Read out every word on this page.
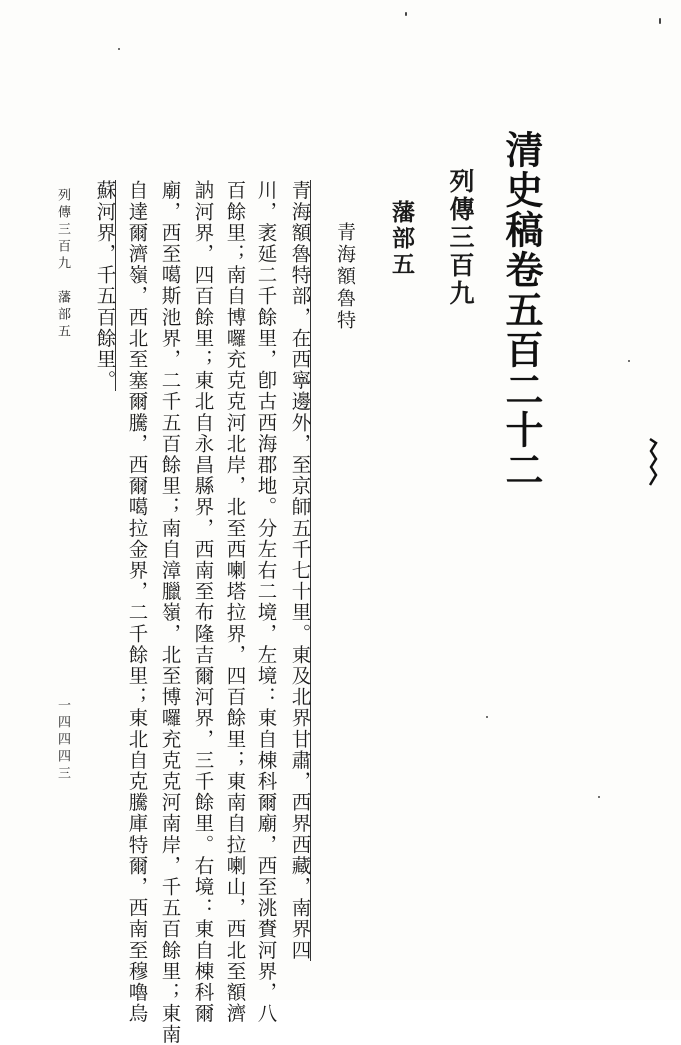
清史稿卷五百二十二
列傳三百九
藩部五
青海額魯特
青海額魯特部，在西寧邊外，至京師五千七十里。東及北界甘肅，西界西藏，南界四
川，袤延二千餘里，卽古西海郡地。分左右二境，左境：東自棟科爾廟，西至洮賚河界，八
百餘里；南自博囉充克克河北岸，北至西喇塔拉界，四百餘里；東南自拉喇山，西北至額濟
訥河界，四百餘里；東北自永昌縣界，西南至布隆吉爾河界，三千餘里。右境：東自棟科爾
廟，西至噶斯池界，二千五百餘里；南自漳臘嶺，北至博囉充克克河南岸，千五百餘里；東南
自達爾濟嶺，西北至塞爾騰，西爾噶拉金界，二千餘里；東北自克騰庫特爾，西南至穆嚕烏
蘇河界，千五百餘里。
列傳三百九　藩部五
一四四四三
